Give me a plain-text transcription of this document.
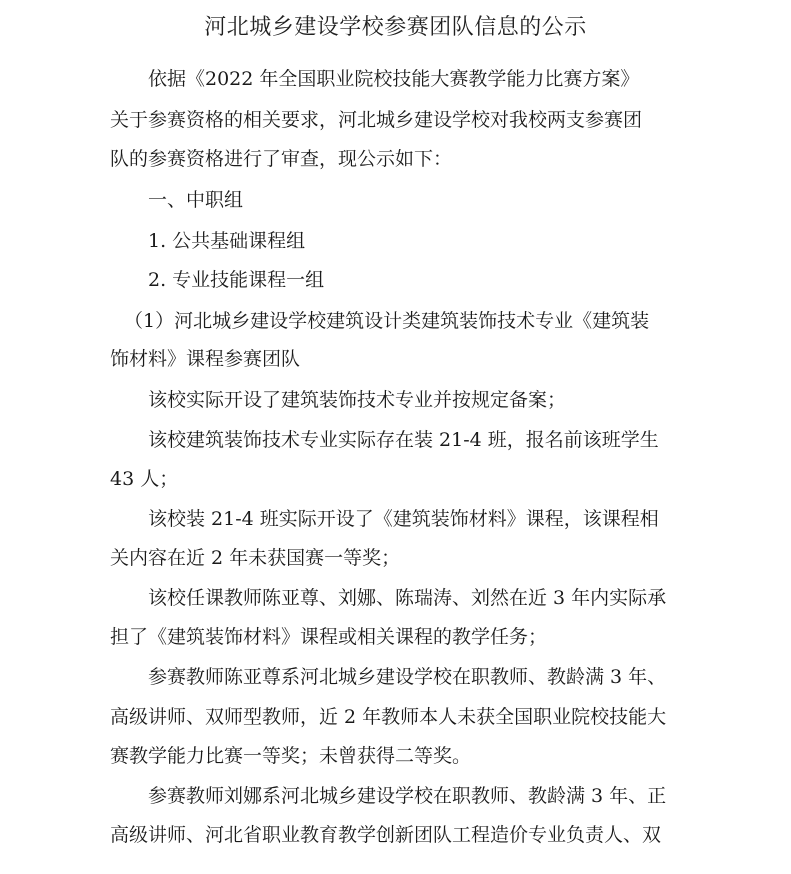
河北城乡建设学校参赛团队信息的公示
依据《2022 年全国职业院校技能大赛教学能力比赛方案》
关于参赛资格的相关要求，河北城乡建设学校对我校两支参赛团
队的参赛资格进行了审查，现公示如下：
一、中职组
1. 公共基础课程组
2. 专业技能课程一组
（1）河北城乡建设学校建筑设计类建筑装饰技术专业《建筑装
饰材料》课程参赛团队
该校实际开设了建筑装饰技术专业并按规定备案；
该校建筑装饰技术专业实际存在装 21-4 班，报名前该班学生
43 人；
该校装 21-4 班实际开设了《建筑装饰材料》课程，该课程相
关内容在近 2 年未获国赛一等奖；
该校任课教师陈亚尊、刘娜、陈瑞涛、刘然在近 3 年内实际承
担了《建筑装饰材料》课程或相关课程的教学任务；
参赛教师陈亚尊系河北城乡建设学校在职教师、教龄满 3 年、
高级讲师、双师型教师，近 2 年教师本人未获全国职业院校技能大
赛教学能力比赛一等奖；未曾获得二等奖。
参赛教师刘娜系河北城乡建设学校在职教师、教龄满 3 年、正
高级讲师、河北省职业教育教学创新团队工程造价专业负责人、双
